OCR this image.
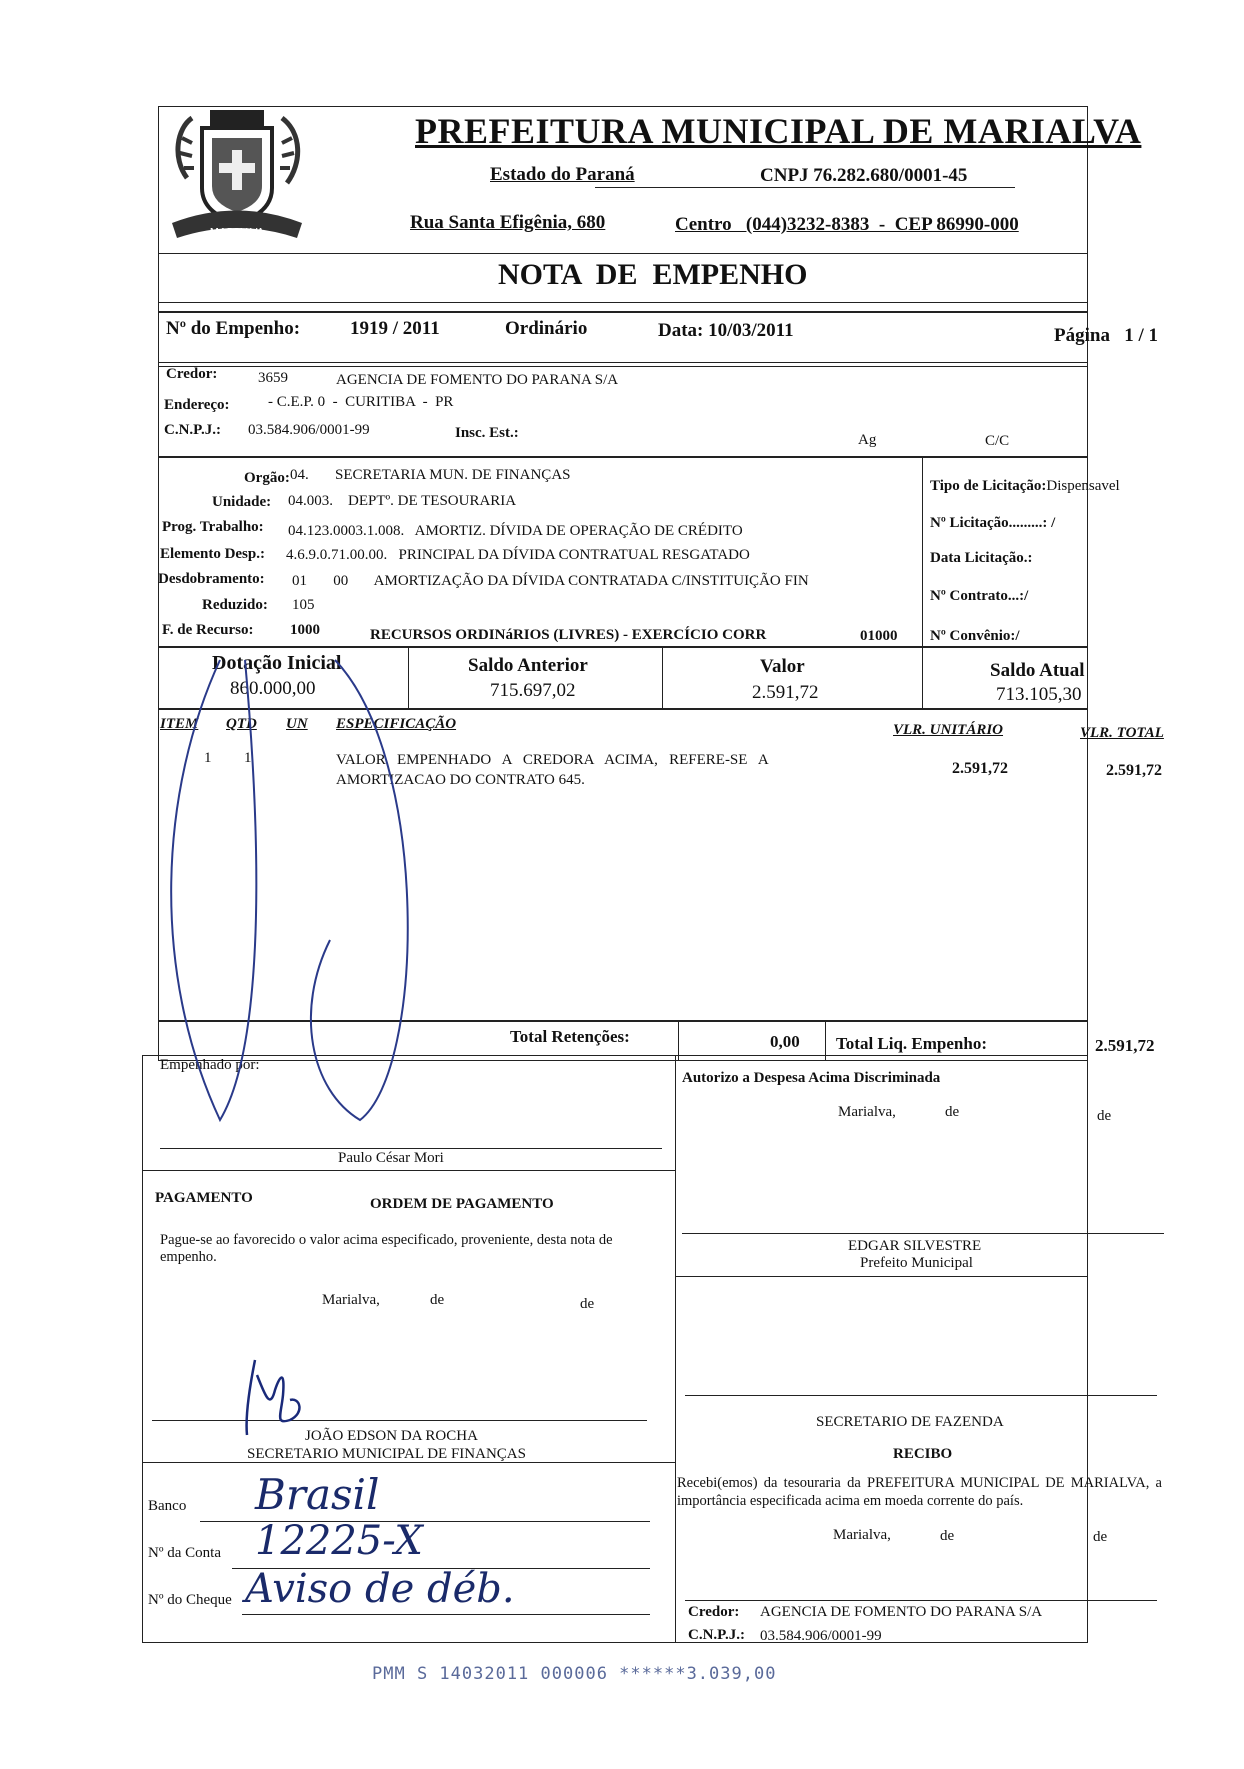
MARIALVA
PREFEITURA MUNICIPAL DE MARIALVA
Estado do Paraná	CNPJ 76.282.680/0001-45
Rua Santa Efigênia, 680	Centro   (044)3232-8383  -  CEP 86990-000
NOTA  DE  EMPENHO
Nº do Empenho:	1919 / 2011	Ordinário	Data: 10/03/2011	Página   1 / 1
Credor:	3659	AGENCIA DE FOMENTO DO PARANA S/A
Endereço:	- C.E.P. 0  -  CURITIBA  -  PR
C.N.P.J.: 03.584.906/0001-99	Insc. Est.:	Ag	C/C
Orgão: 04.       SECRETARIA MUN. DE FINANÇAS
Unidade: 04.003.    DEPTº. DE TESOURARIA
Prog. Trabalho: 04.123.0003.1.008.   AMORTIZ. DÍVIDA DE OPERAÇÃO DE CRÉDITO
Elemento Desp.: 4.6.9.0.71.00.00.   PRINCIPAL DA DÍVIDA CONTRATUAL RESGATADO
Desdobramento: 01       00       AMORTIZAÇÃO DA DÍVIDA CONTRATADA C/INSTITUIÇÃO FIN
Reduzido: 105
F. de Recurso: 1000	RECURSOS ORDINáRIOS (LIVRES) - EXERCÍCIO CORR	01000
Tipo de Licitação:Dispensavel
Nº Licitação.........: /
Data Licitação.:
Nº Contrato...:/
Nº Convênio:/
Dotação Inicial
860.000,00
Saldo Anterior
715.697,02
Valor
2.591,72
Saldo Atual
713.105,30
ITEM QTD UN ESPECIFICAÇÃO	VLR. UNITÁRIO	VLR. TOTAL
1 1	VALOR   EMPENHADO   A   CREDORA   ACIMA,   REFERE-SE   A
AMORTIZACAO DO CONTRATO 645.
2.591,72	2.591,72
Total Retenções:	0,00 Total Liq. Empenho:	2.591,72
Empenhado por:
Paulo César Mori
Autorizo a Despesa Acima Discriminada
Marialva,	de	de
EDGAR SILVESTRE
Prefeito Municipal
PAGAMENTO	ORDEM DE PAGAMENTO
Pague-se ao favorecido o valor acima especificado, proveniente, desta nota de empenho.
Marialva,	de	de
JOÃO EDSON DA ROCHA
SECRETARIO MUNICIPAL DE FINANÇAS
Banco Brasil
Nº da Conta 12225-X
Nº do Cheque Aviso de déb.
SECRETARIO DE FAZENDA
RECIBO
Recebi(emos) da tesouraria da PREFEITURA MUNICIPAL DE MARIALVA, a importância especificada acima em moeda corrente do país.
Marialva,	de	de
Credor: AGENCIA DE FOMENTO DO PARANA S/A
C.N.P.J.: 03.584.906/0001-99
PMM S 14032011 000006 ******3.039,00
